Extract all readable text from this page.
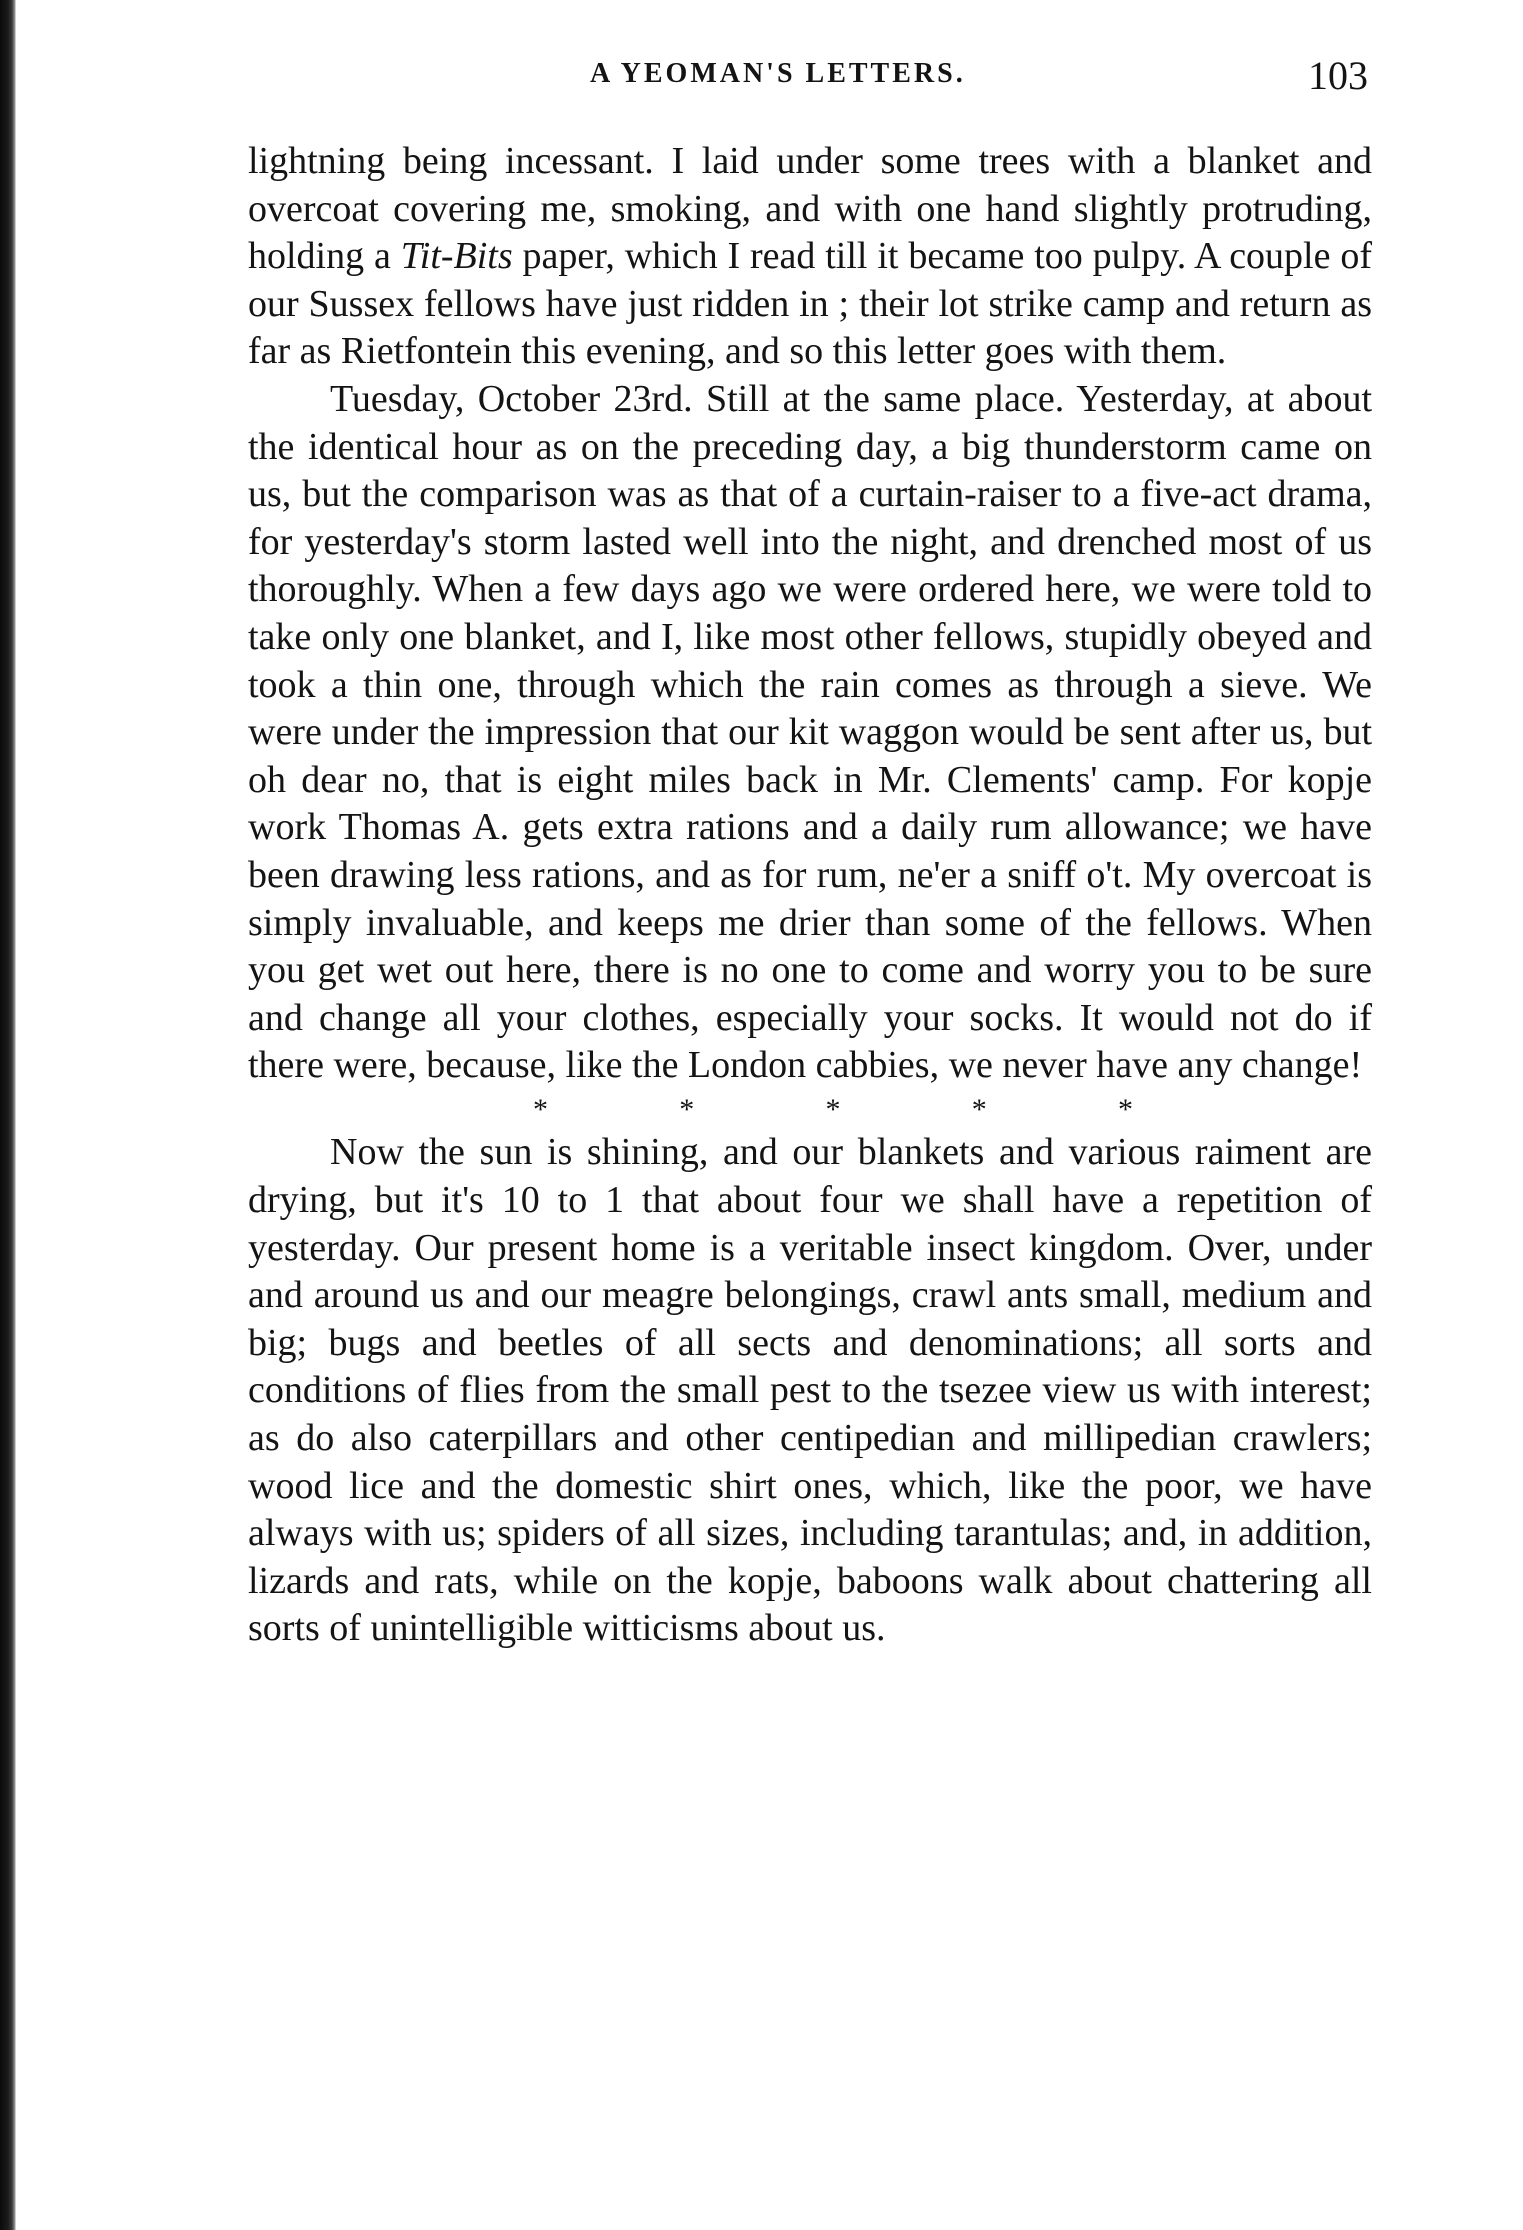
A YEOMAN'S LETTERS.	103

lightning being incessant. I laid under some trees with a blanket and overcoat covering me, smoking, and with one hand slightly protruding, holding a Tit-Bits paper, which I read till it became too pulpy. A couple of our Sussex fellows have just ridden in ; their lot strike camp and return as far as Rietfontein this evening, and so this letter goes with them.

Tuesday, October 23rd. Still at the same place. Yesterday, at about the identical hour as on the preceding day, a big thunderstorm came on us, but the comparison was as that of a curtain-raiser to a five-act drama, for yesterday's storm lasted well into the night, and drenched most of us thoroughly. When a few days ago we were ordered here, we were told to take only one blanket, and I, like most other fellows, stupidly obeyed and took a thin one, through which the rain comes as through a sieve. We were under the impression that our kit waggon would be sent after us, but oh dear no, that is eight miles back in Mr. Clements' camp. For kopje work Thomas A. gets extra rations and a daily rum allowance; we have been drawing less rations, and as for rum, ne'er a sniff o't. My overcoat is simply invaluable, and keeps me drier than some of the fellows. When you get wet out here, there is no one to come and worry you to be sure and change all your clothes, especially your socks. It would not do if there were, because, like the London cabbies, we never have any change!

*	*	*	*	*

Now the sun is shining, and our blankets and various raiment are drying, but it's 10 to 1 that about four we shall have a repetition of yesterday. Our present home is a veritable insect kingdom. Over, under and around us and our meagre belongings, crawl ants small, medium and big; bugs and beetles of all sects and denominations; all sorts and conditions of flies from the small pest to the tsezee view us with interest; as do also caterpillars and other centipedian and millipedian crawlers; wood lice and the domestic shirt ones, which, like the poor, we have always with us; spiders of all sizes, including tarantulas; and, in addition, lizards and rats, while on the kopje, baboons walk about chattering all sorts of unintelligible witticisms about us.
